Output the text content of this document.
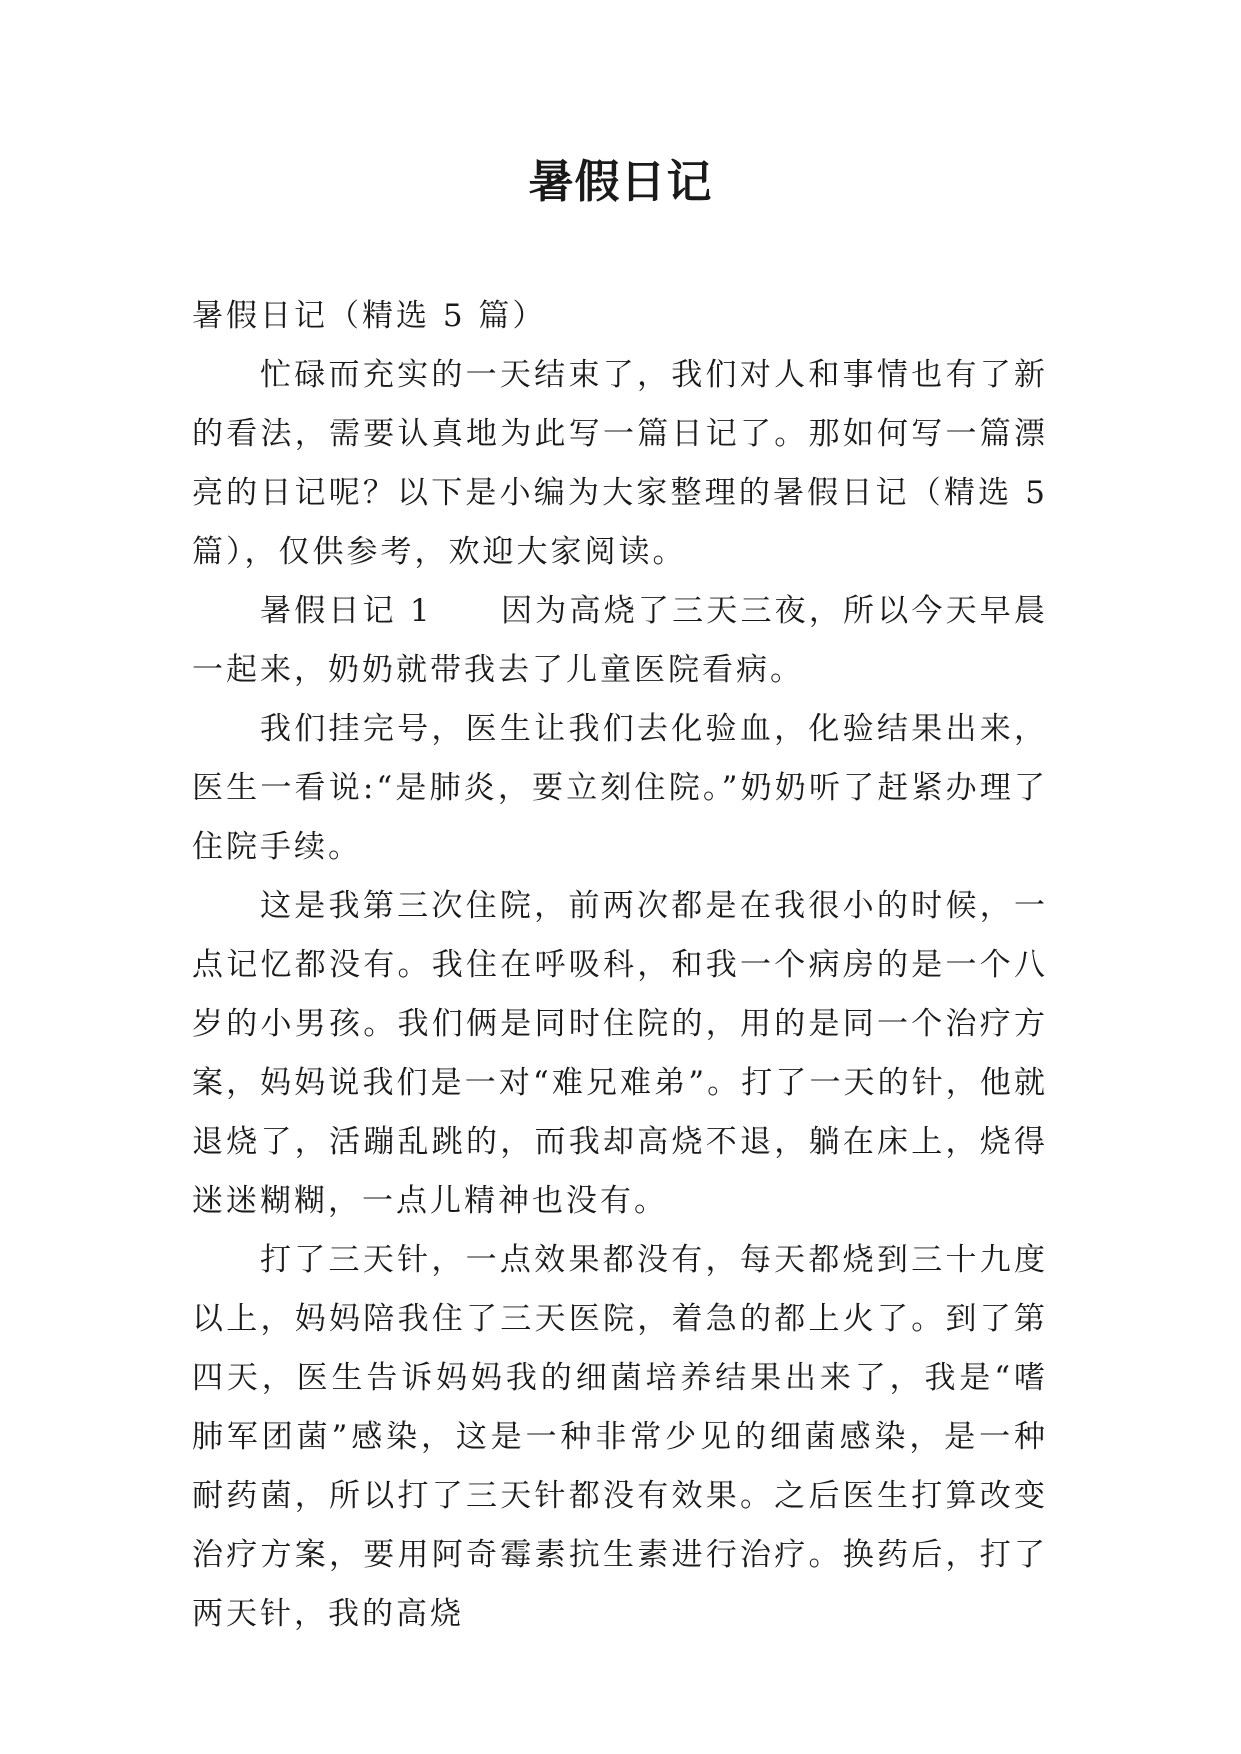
暑假日记

暑假日记（精选 5 篇）

忙碌而充实的一天结束了，我们对人和事情也有了新的看法，需要认真地为此写一篇日记了。那如何写一篇漂亮的日记呢？以下是小编为大家整理的暑假日记（精选 5 篇），仅供参考，欢迎大家阅读。

暑假日记 1　　因为高烧了三天三夜，所以今天早晨一起来，奶奶就带我去了儿童医院看病。

我们挂完号，医生让我们去化验血，化验结果出来，医生一看说:“是肺炎，要立刻住院。”奶奶听了赶紧办理了住院手续。

这是我第三次住院，前两次都是在我很小的时候，一点记忆都没有。我住在呼吸科，和我一个病房的是一个八岁的小男孩。我们俩是同时住院的，用的是同一个治疗方案，妈妈说我们是一对“难兄难弟”。打了一天的针，他就退烧了，活蹦乱跳的，而我却高烧不退，躺在床上，烧得迷迷糊糊，一点儿精神也没有。

打了三天针，一点效果都没有，每天都烧到三十九度以上，妈妈陪我住了三天医院，着急的都上火了。到了第四天，医生告诉妈妈我的细菌培养结果出来了，我是“嗜肺军团菌”感染，这是一种非常少见的细菌感染，是一种耐药菌，所以打了三天针都没有效果。之后医生打算改变治疗方案，要用阿奇霉素抗生素进行治疗。换药后，打了两天针，我的高烧
